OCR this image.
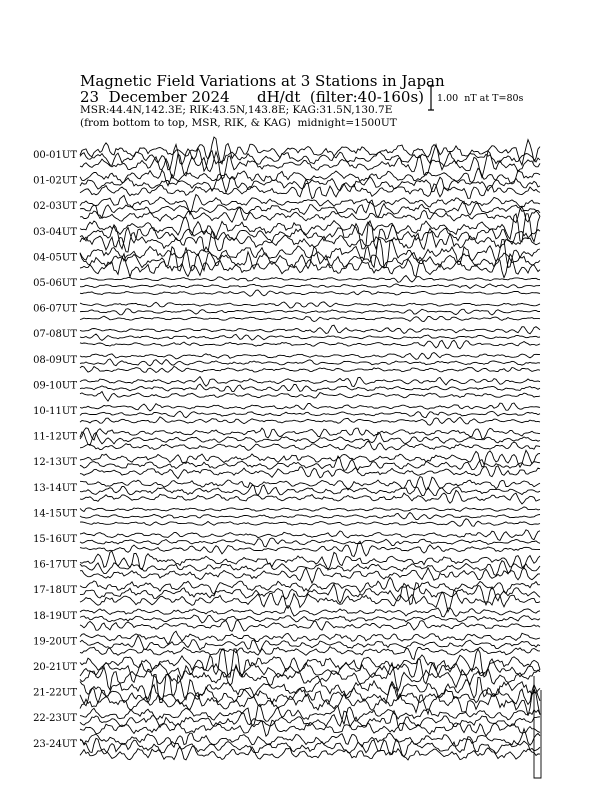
Magnetic Field Variations at 3 Stations in Japan
23  December 2024 dH/dt  (filter:40-160s)
MSR:44.4N,142.3E; RIK:43.5N,143.8E; KAG:31.5N,130.7E
(from bottom to top, MSR, RIK, & KAG)  midnight=1500UT
1.00  nT at T=80s
00-01UT
01-02UT
02-03UT
03-04UT
04-05UT
05-06UT
06-07UT
07-08UT
08-09UT
09-10UT
10-11UT
11-12UT
12-13UT
13-14UT
14-15UT
15-16UT
16-17UT
17-18UT
18-19UT
19-20UT
20-21UT
21-22UT
22-23UT
23-24UT
